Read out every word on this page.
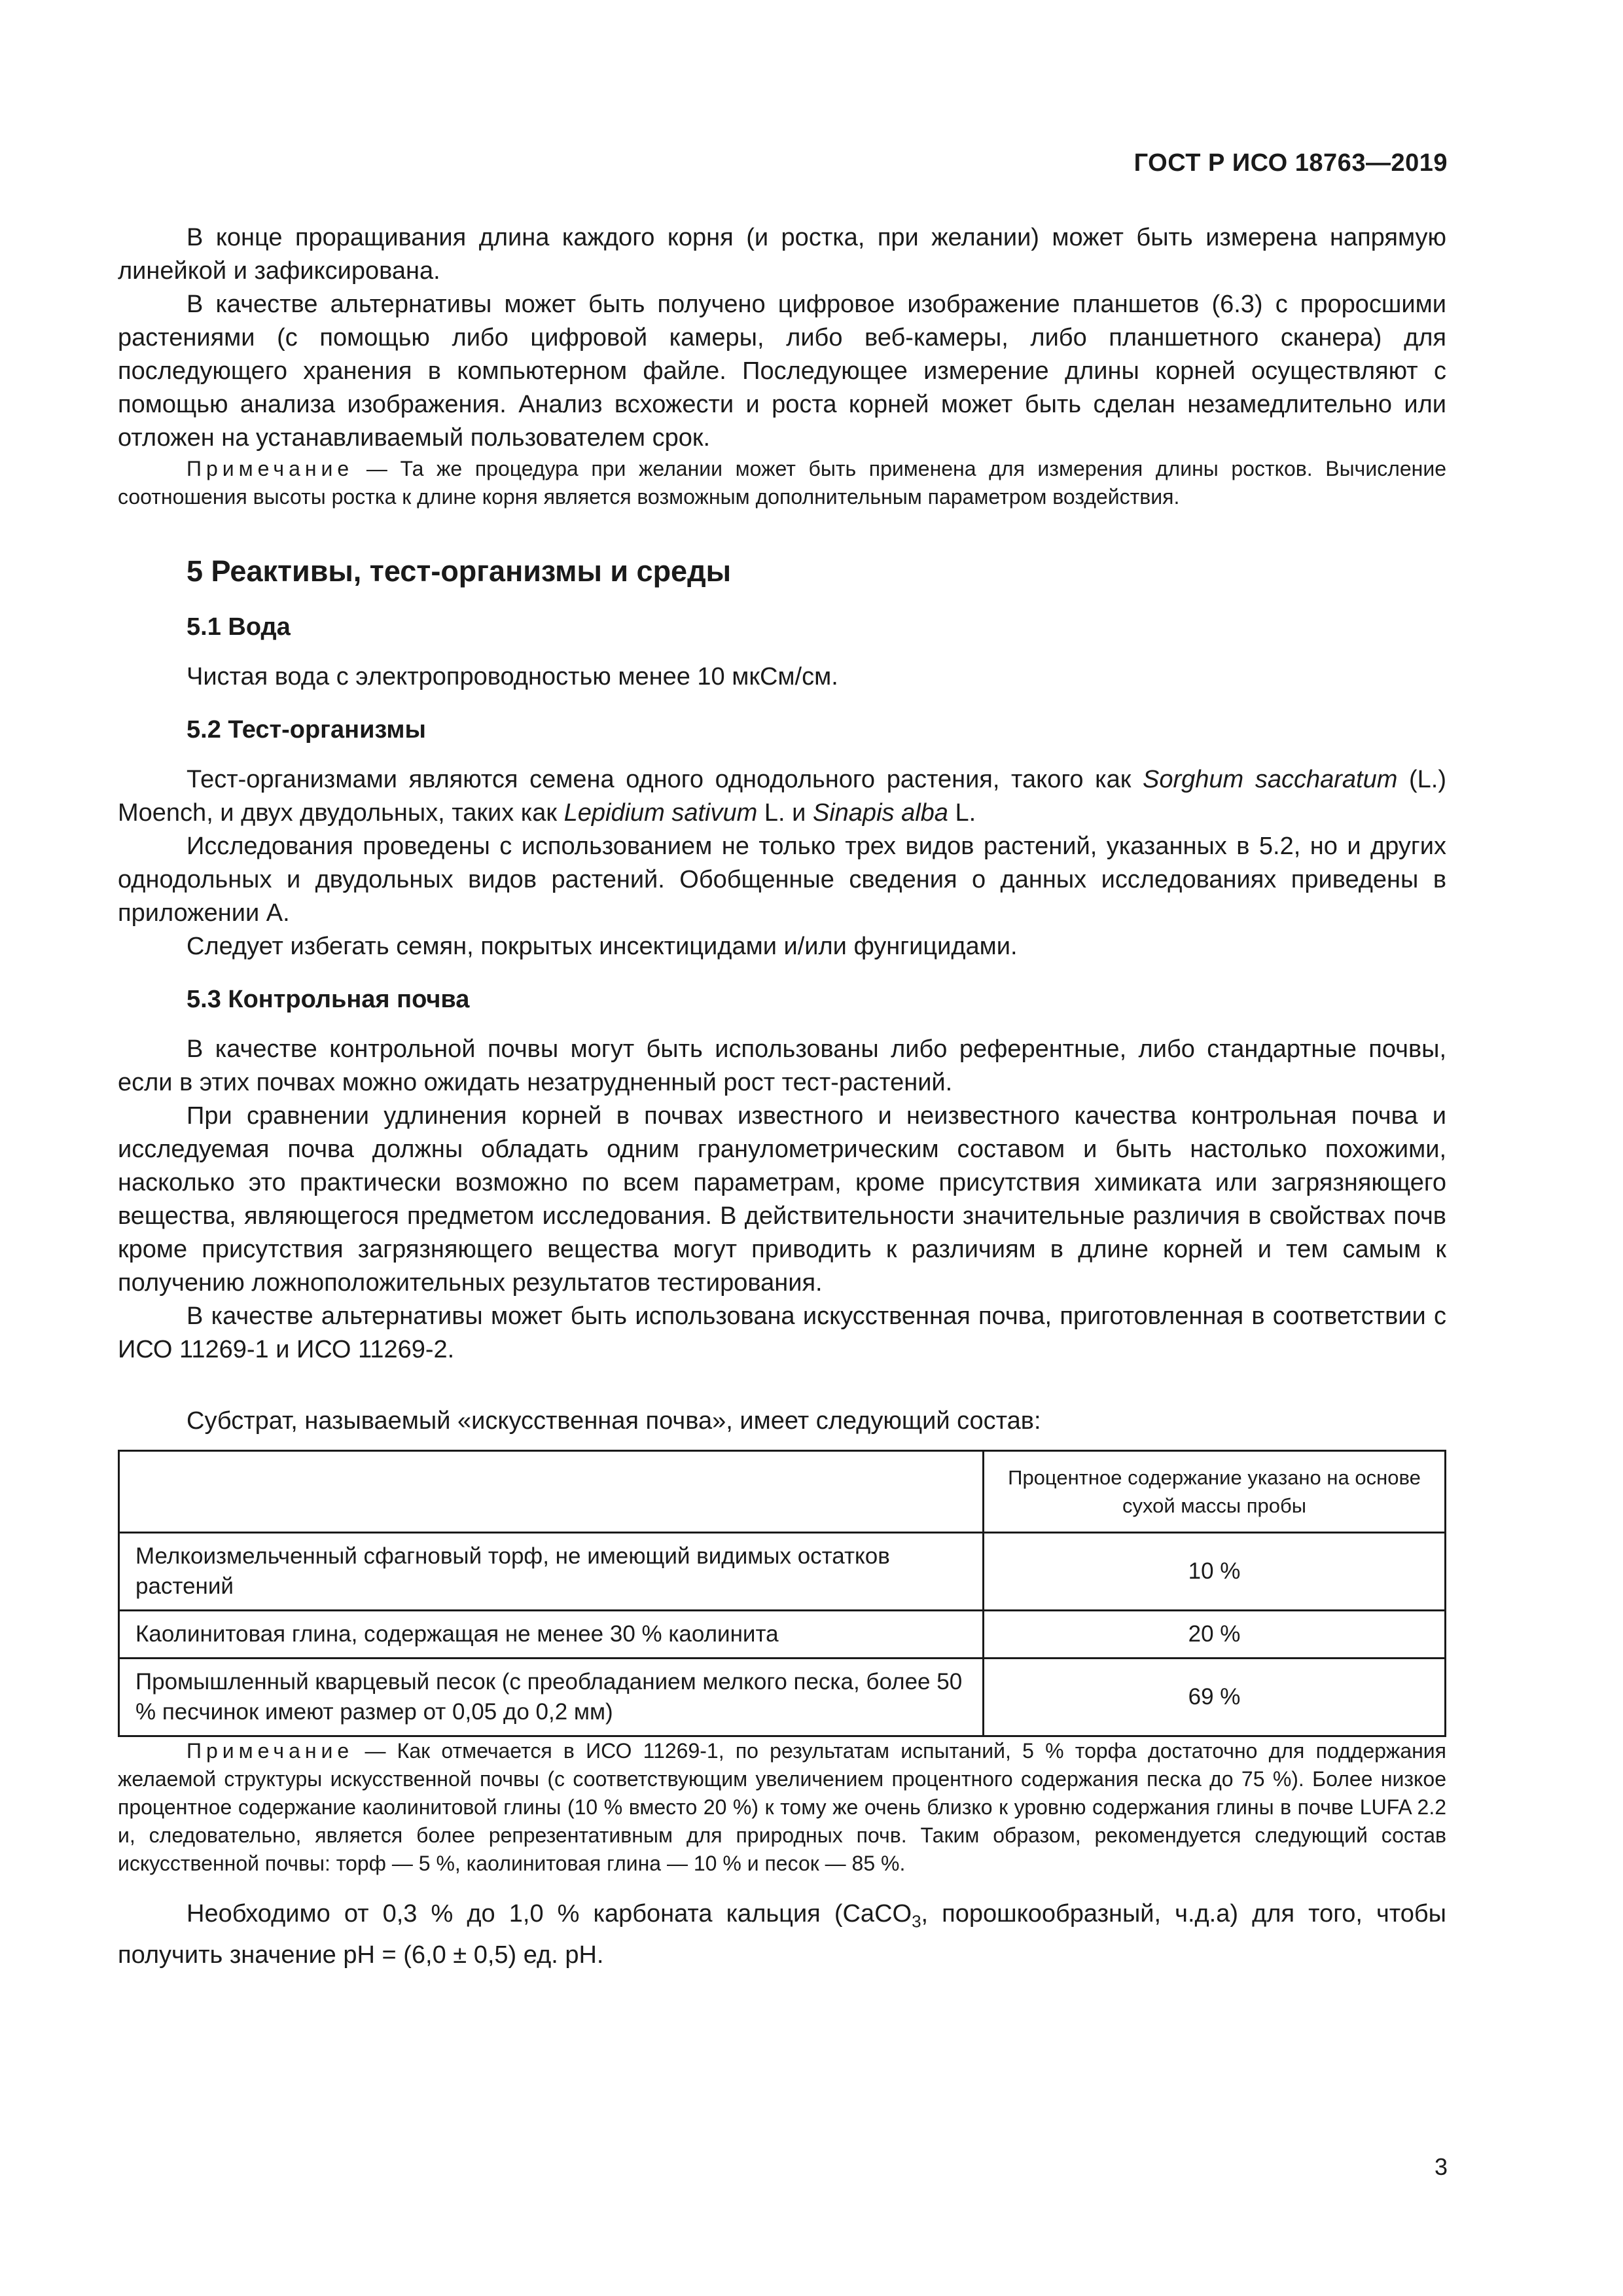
ГОСТ Р ИСО 18763—2019

В конце проращивания длина каждого корня (и ростка, при желании) может быть измерена напрямую линейкой и зафиксирована.

В качестве альтернативы может быть получено цифровое изображение планшетов (6.3) с проросшими растениями (с помощью либо цифровой камеры, либо веб-камеры, либо планшетного сканера) для последующего хранения в компьютерном файле. Последующее измерение длины корней осуществляют с помощью анализа изображения. Анализ всхожести и роста корней может быть сделан незамедлительно или отложен на устанавливаемый пользователем срок.

Примечание — Та же процедура при желании может быть применена для измерения длины ростков. Вычисление соотношения высоты ростка к длине корня является возможным дополнительным параметром воздействия.

5 Реактивы, тест-организмы и среды
5.1 Вода

Чистая вода с электропроводностью менее 10 мкСм/см.

5.2 Тест-организмы

Тест-организмами являются семена одного однодольного растения, такого как Sorghum saccharatum (L.) Moench, и двух двудольных, таких как Lepidium sativum L. и Sinapis alba L.

Исследования проведены с использованием не только трех видов растений, указанных в 5.2, но и других однодольных и двудольных видов растений. Обобщенные сведения о данных исследованиях приведены в приложении А.

Следует избегать семян, покрытых инсектицидами и/или фунгицидами.

5.3 Контрольная почва

В качестве контрольной почвы могут быть использованы либо референтные, либо стандартные почвы, если в этих почвах можно ожидать незатрудненный рост тест-растений.

При сравнении удлинения корней в почвах известного и неизвестного качества контрольная почва и исследуемая почва должны обладать одним гранулометрическим составом и быть настолько похожими, насколько это практически возможно по всем параметрам, кроме присутствия химиката или загрязняющего вещества, являющегося предметом исследования. В действительности значительные различия в свойствах почв кроме присутствия загрязняющего вещества могут приводить к различиям в длине корней и тем самым к получению ложноположительных результатов тестирования.

В качестве альтернативы может быть использована искусственная почва, приготовленная в соответствии с ИСО 11269-1 и ИСО 11269-2.

Субстрат, называемый «искусственная почва», имеет следующий состав:

	Процентное содержание указано на основе сухой массы пробы
Мелкоизмельченный сфагновый торф, не имеющий видимых остатков растений	10 %
Каолинитовая глина, содержащая не менее 30 % каолинита	20 %
Промышленный кварцевый песок (с преобладанием мелкого песка, более 50 % песчинок имеют размер от 0,05 до 0,2 мм)	69 %

Примечание — Как отмечается в ИСО 11269-1, по результатам испытаний, 5 % торфа достаточно для поддержания желаемой структуры искусственной почвы (с соответствующим увеличением процентного содержания песка до 75 %). Более низкое процентное содержание каолинитовой глины (10 % вместо 20 %) к тому же очень близко к уровню содержания глины в почве LUFA 2.2 и, следовательно, является более репрезентативным для природных почв. Таким образом, рекомендуется следующий состав искусственной почвы: торф — 5 %, каолинитовая глина — 10 % и песок — 85 %.

Необходимо от 0,3 % до 1,0 % карбоната кальция (CaCO$_3$, порошкообразный, ч.д.а) для того, чтобы получить значение pH = (6,0 ± 0,5) ед. pH.

3
